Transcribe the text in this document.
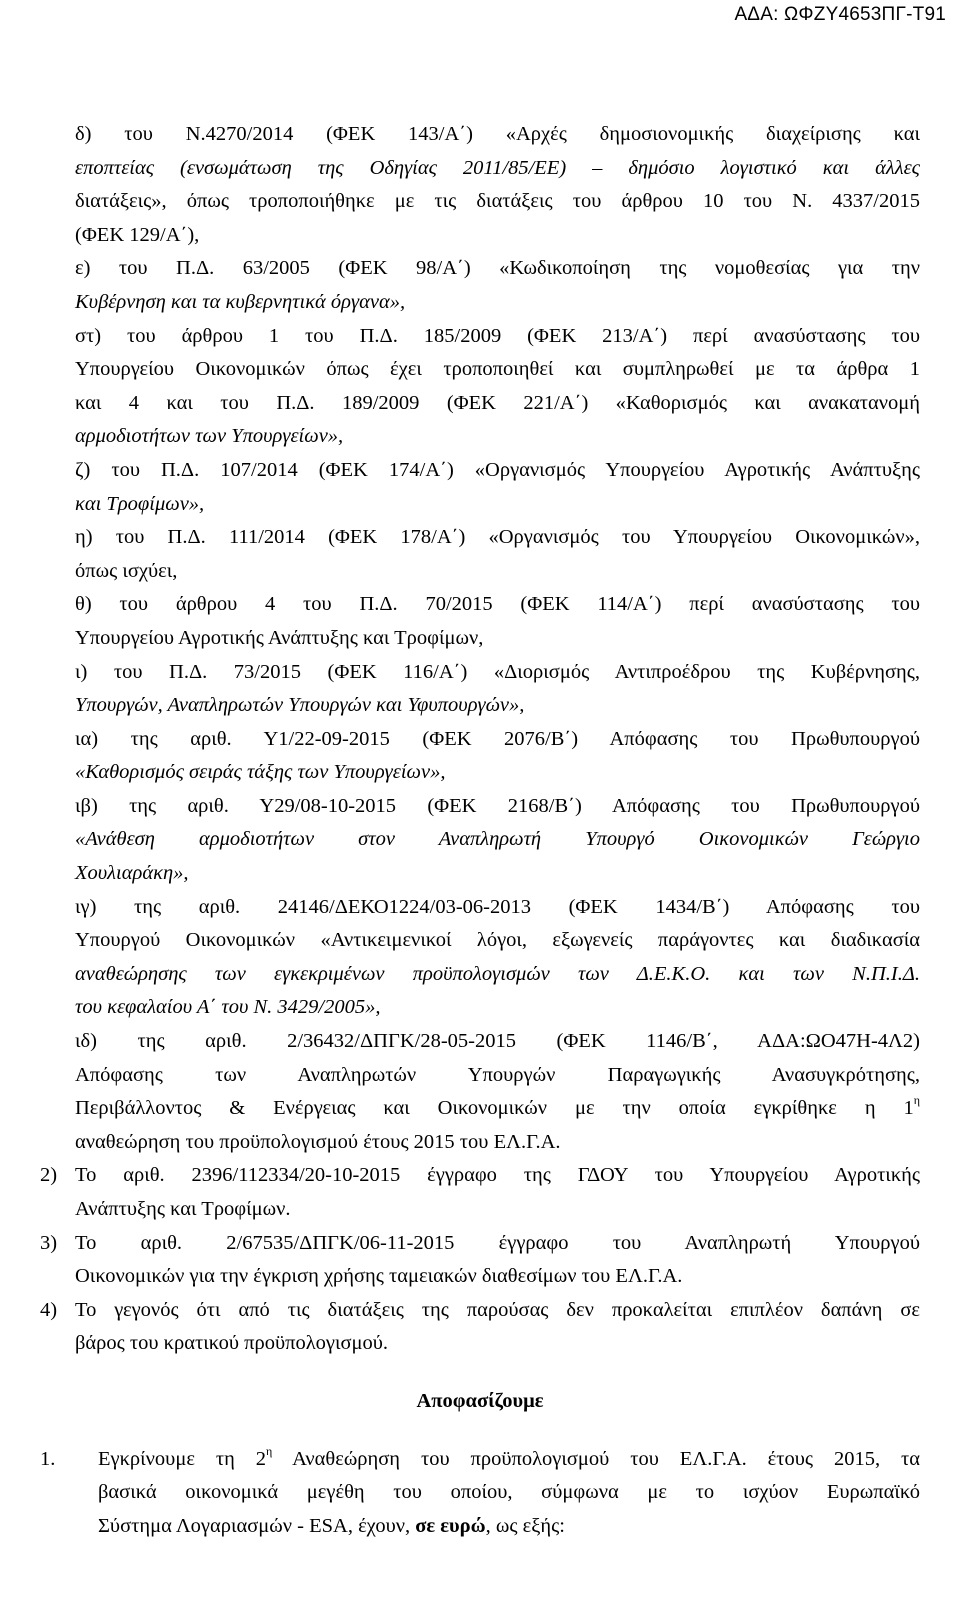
ΑΔΑ: ΩΦΖΥ4653ΠΓ-Τ91
δ) του Ν.4270/2014 (ΦΕΚ 143/Α΄) «Αρχές δημοσιονομικής διαχείρισης και
εποπτείας (ενσωμάτωση της Οδηγίας 2011/85/ΕΕ) – δημόσιο λογιστικό και άλλες
διατάξεις», όπως τροποποιήθηκε με τις διατάξεις του άρθρου 10 του Ν. 4337/2015
(ΦΕΚ 129/Α΄),
ε) του Π.Δ. 63/2005 (ΦΕΚ 98/Α΄) «Κωδικοποίηση της νομοθεσίας για την
Κυβέρνηση και τα κυβερνητικά όργανα»,
στ) του άρθρου 1 του Π.Δ. 185/2009 (ΦΕΚ 213/Α΄) περί ανασύστασης του
Υπουργείου Οικονομικών όπως έχει τροποποιηθεί και συμπληρωθεί με τα άρθρα 1
και 4 και του Π.Δ. 189/2009 (ΦΕΚ 221/Α΄) «Καθορισμός και ανακατανομή
αρμοδιοτήτων των Υπουργείων»,
ζ) του Π.Δ. 107/2014 (ΦΕΚ 174/Α΄) «Οργανισμός Υπουργείου Αγροτικής Ανάπτυξης
και Τροφίμων»,
η) του Π.Δ. 111/2014 (ΦΕΚ 178/Α΄) «Οργανισμός του Υπουργείου Οικονομικών»,
όπως ισχύει,
θ) του άρθρου 4 του Π.Δ. 70/2015 (ΦΕΚ 114/Α΄) περί ανασύστασης του
Υπουργείου Αγροτικής Ανάπτυξης και Τροφίμων,
ι) του Π.Δ. 73/2015 (ΦΕΚ 116/Α΄) «Διορισμός Αντιπροέδρου της Κυβέρνησης,
Υπουργών, Αναπληρωτών Υπουργών και Υφυπουργών»,
ια) της αριθ. Υ1/22-09-2015 (ΦΕΚ 2076/Β΄) Απόφασης του Πρωθυπουργού
«Καθορισμός σειράς τάξης των Υπουργείων»,
ιβ) της αριθ. Υ29/08-10-2015 (ΦΕΚ 2168/Β΄) Απόφασης του Πρωθυπουργού
«Ανάθεση αρμοδιοτήτων στον Αναπληρωτή Υπουργό Οικονομικών Γεώργιο
Χουλιαράκη»,
ιγ) της αριθ. 24146/ΔΕΚΟ1224/03-06-2013 (ΦΕΚ 1434/Β΄) Απόφασης του
Υπουργού Οικονομικών «Αντικειμενικοί λόγοι, εξωγενείς παράγοντες και διαδικασία
αναθεώρησης των εγκεκριμένων προϋπολογισμών των Δ.Ε.Κ.Ο. και των Ν.Π.Ι.Δ.
του κεφαλαίου Α΄ του Ν. 3429/2005»,
ιδ) της αριθ. 2/36432/ΔΠΓΚ/28-05-2015 (ΦΕΚ 1146/Β΄, ΑΔΑ:ΩΟ47Η-4Λ2)
Απόφασης των Αναπληρωτών Υπουργών Παραγωγικής Ανασυγκρότησης,
Περιβάλλοντος & Ενέργειας και Οικονομικών με την οποία εγκρίθηκε η $1^\eta$
αναθεώρηση του προϋπολογισμού έτους 2015 του ΕΛ.Γ.Α.
2) Το αριθ. 2396/112334/20-10-2015 έγγραφο της ΓΔΟΥ του Υπουργείου Αγροτικής
Ανάπτυξης και Τροφίμων.
3) Το αριθ. 2/67535/ΔΠΓΚ/06-11-2015 έγγραφο του Αναπληρωτή Υπουργού
Οικονομικών για την έγκριση χρήσης ταμειακών διαθεσίμων του ΕΛ.Γ.Α.
4) Το γεγονός ότι από τις διατάξεις της παρούσας δεν προκαλείται επιπλέον δαπάνη σε
βάρος του κρατικού προϋπολογισμού.
Αποφασίζουμε
1. Εγκρίνουμε τη $2^\eta$ Αναθεώρηση του προϋπολογισμού του ΕΛ.Γ.Α. έτους 2015, τα
βασικά οικονομικά μεγέθη του οποίου, σύμφωνα με το ισχύον Ευρωπαϊκό
Σύστημα Λογαριασμών - ESA, έχουν, σε ευρώ, ως εξής:
